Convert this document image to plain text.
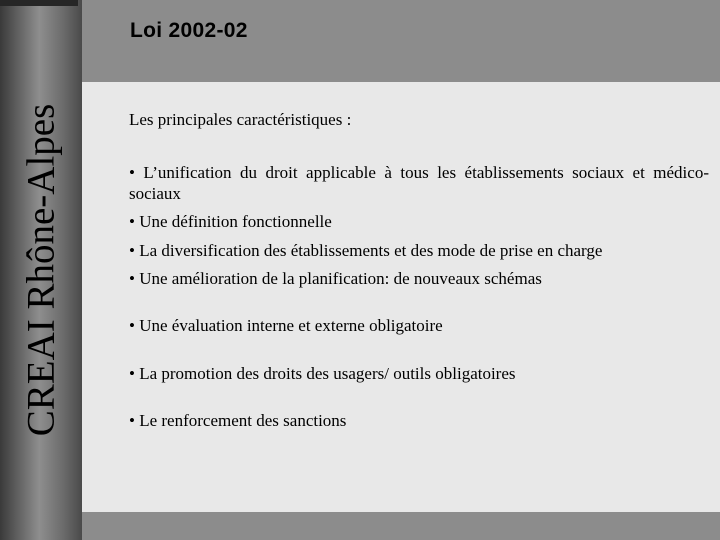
CREAI Rhône-Alpes
Loi 2002-02

Les principales caractéristiques :

• L’unification du droit applicable à tous les établissements sociaux et médico-sociaux

• Une définition fonctionnelle

• La diversification des établissements et des mode de prise en charge

• Une amélioration de la planification: de nouveaux schémas

• Une évaluation interne et externe obligatoire

• La promotion des droits des usagers/ outils obligatoires

• Le renforcement des sanctions
